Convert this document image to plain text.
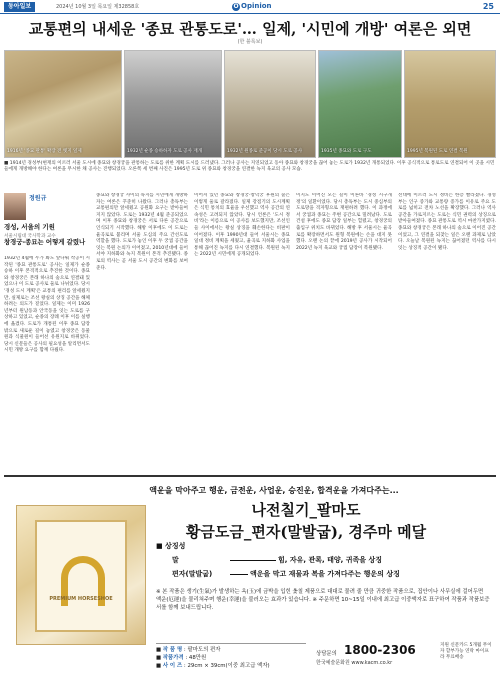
동아일보	2024년 10월 3일 목요일 제32858호	O Opinion	25
교통편의 내세운 '종묘 관통도로'… 일제, '시민에 개방' 여론은 외면
(한 블록보)
1916년 '종묘 관통' 확장 전 옛지 일제	1932년 순종 승하하자 도로 공사 재개	1932년 원종로 준공이 당시 도로 공사	1935년 종묘와 도로 구도	1995년 복원된 도로 연결 복원
■ 1914년 경성부(현재의 이르러 서울 도시에 종묘와 창경궁을 관통하는 도로를 위한 계획 도시를 드러냈다. 그러나 공사는 지연되었고 동아 종묘와 창경궁을 끊어 놓는 도로가 1932년 개통되었다. 이후 공식적으로 통로도로 연결되어 이 곳을 시민들에게 개방해야 한다는 여론을 무시한 채 공사는 진행되었다. 오른쪽 세 번째 사진은 1995년 도로 위 종묘와 창경궁을 연결한 녹지 육교의 공사 모습.
정원규
경성, 서울의 기원
서울시립대 국사학과 교수
창경궁-종묘는 어떻게 갈렸나
1932년 4월에 누가 봐도 앞다퉈 착공이 시작된 '종묘 관통도로' 공사는 일제가 순종 승하 이후 본격적으로 추진한 것이다. 종묘와 창경궁은 본래 하나의 숲으로 연결돼 있었으나 이 도로 공사로 둘로 나뉘었다. 당시 '경성 도시 계획'은 교통의 편리를 앞세웠지만, 실제로는 조선 왕실의 상징 공간을 해체하려는 의도가 짙었다. 일제는 이미 1926년부터 원남동과 안국동을 잇는 도로를 구상하고 있었고, 순종의 장례 이후 이를 실행에 옮겼다. 도로가 개통된 이후 종묘 담장 밖으로 새로운 길이 놓였고 창경궁은 동물원과 식물원이 들어선 유원지로 바뀌었다. 당시 신문들은 공사의 필요성을 알리면서도 시민 개방 요구를 함께 다뤘다.
종묘와 창경궁 사이의 녹지를 시민에게 개방하자는 여론은 꾸준히 나왔다. 그러나 총독부는 교통편의만 앞세웠고 공원화 요구는 받아들여지지 않았다. 도로는 1932년 4월 준공되었으며 이후 종묘와 창경궁은 서로 다른 공간으로 인식되기 시작했다. 해방 이후에도 이 도로는 율곡로로 불리며 서울 도심의 주요 간선도로 역할을 했다. 도로가 놓인 이후 두 궁궐 공간을 잇는 복원 논의가 이어졌고, 2010년대에 들어서야 지하화와 녹지 복원이 본격 추진됐다. 종로의 역사는 곧 서울 도시 공간의 변화를 보여준다.
이어져 있던 종묘와 창경궁·창덕궁 후원의 숲은 이렇게 둘로 갈라졌다. 일제 강점기의 도시계획은 식민 통치의 효율을 우선했고 역사 공간의 연속성은 고려되지 않았다. 당시 언론은 '도시 정비'라는 이름으로 이 공사를 보도했지만, 조선인들 사이에서는 왕실 상징을 훼손한다는 비판이 이어졌다. 이후 1990년대 들어 서울시는 종묘 일대 정비 계획을 세웠고, 율곡로 지하화 사업을 통해 끊어진 녹지를 다시 연결했다. 복원된 녹지는 2022년 시민에게 공개되었다.
이지도 이어진 모든 길이 이른바 '경성 시구개정'의 일환이었다. 당시 총독부는 도시 중심부의 도로망을 격자형으로 재편하려 했다. 이 과정에서 궁궐과 종묘는 주변 공간으로 밀려났다. 도로 건설 후에도 종묘 담장 일부는 헐렸고, 창경궁의 출입구 위치도 바뀌었다. 해방 후 서울시는 율곡로를 확장하면서도 원형 복원에는 손을 대지 못했다. 오랜 논의 끝에 2019년 공사가 시작되어 2022년 녹지 육교와 궁궐 담장이 복원됐다.
선대에 이르러 도시 정비는 한층 빨라졌다. 경성부는 인구 증가와 교통량 증가를 이유로 주요 도로를 넓히고 전차 노선을 확장했다. 그러나 역사 공간을 가로지르는 도로는 식민 권력의 상징으로 받아들여졌다. 종묘 관통도로 역시 마찬가지였다. 종묘와 창경궁은 본래 하나의 숲으로 이어진 공간이었고, 그 연결을 되찾는 일은 오랜 과제로 남았다. 오늘날 복원된 녹지는 끊어졌던 역사를 다시 잇는 상징적 공간이 됐다.
액운을 막아주고 행운, 금전운, 사업운, 승진운, 합격운을 가져다주는...
나전칠기_팔마도
황금도금_편자(말발굽), 경주마 메달
PREMIUM HORSESHOE
■ 상징성
말	힘, 자유, 관록, 태양, 귀족을 상징
편자(말발굽)	액운을 막고 재물과 복을 가져다주는 행운의 상징
※ 본 작품은 생기(生氣)가 발생하는 옥(玉)에 금박을 입힌 옻칠 제품으로 대대로 물려 줄 만큼 귀중한 작품으로, 집안이나 사무실에 걸어두면 액운(厄運)을 물리쳐주며 행운(幸運)을 불러오는 효과가 있습니다. ※ 주문하면 10~15일 이내에 최고급 이중액자로 표구하여 작품과 작품보증서를 함께 보내드립니다.
■ 작 품 명 : 팔마도의 편자
■ 작품가격 : 48만원
■ 사 이 즈 : 29cm × 39cm(이중 최고급 액자)
상담문의 1800-2306
한국예술문화원 www.kacm.co.kr
지원 신문카드 5개월 무이자 할부가능 연락 마이프라 무료배송
